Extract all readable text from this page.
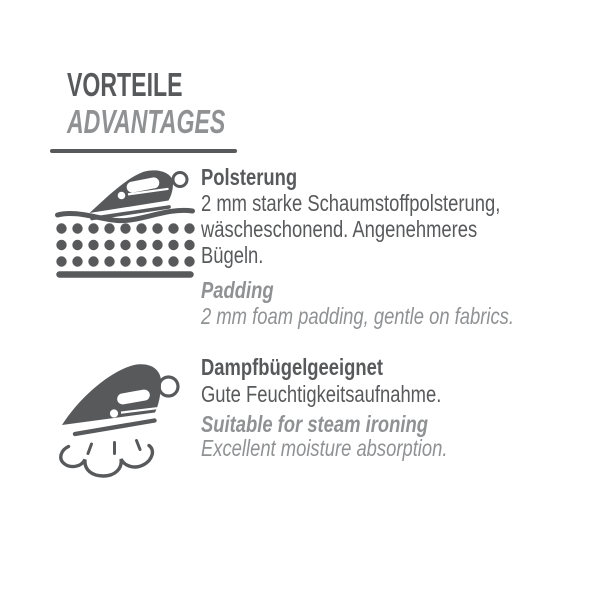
VORTEILE
ADVANTAGES
Polsterung
2 mm starke Schaumstoffpolsterung,
wäscheschonend. Angenehmeres
Bügeln.
Padding
2 mm foam padding, gentle on fabrics.
Dampfbügelgeeignet
Gute Feuchtigkeitsaufnahme.
Suitable for steam ironing
Excellent moisture absorption.
